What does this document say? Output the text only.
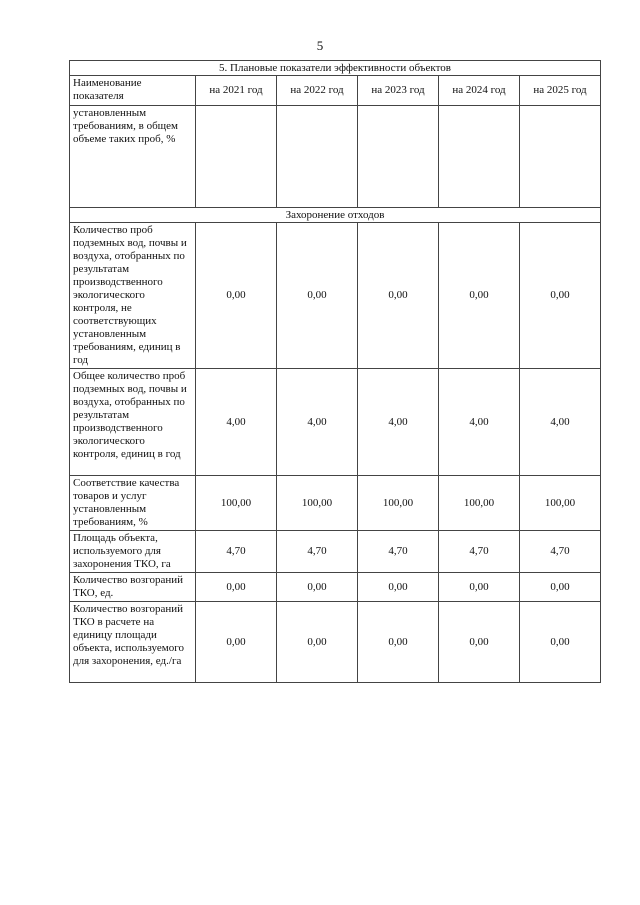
5
5. Плановые показатели эффективности объектов					
Наименование показателя	на 2021 год	на 2022 год	на 2023 год	на 2024 год	на 2025 год
установленным требованиям, в общем объеме таких проб, %					
Захоронение отходов					
Количество проб подземных вод, почвы и воздуха, отобранных по результатам производственного экологического контроля, не соответствующих установленным требованиям, единиц в год	0,00	0,00	0,00	0,00	0,00
Общее количество проб подземных вод, почвы и воздуха, отобранных по результатам производственного экологического контроля, единиц в год	4,00	4,00	4,00	4,00	4,00
Соответствие качества товаров и услуг установленным требованиям, %	100,00	100,00	100,00	100,00	100,00
Площадь объекта, используемого для захоронения ТКО, га	4,70	4,70	4,70	4,70	4,70
Количество возгораний ТКО, ед.	0,00	0,00	0,00	0,00	0,00
Количество возгораний ТКО в расчете на единицу площади объекта, используемого для захоронения, ед./га	0,00	0,00	0,00	0,00	0,00
